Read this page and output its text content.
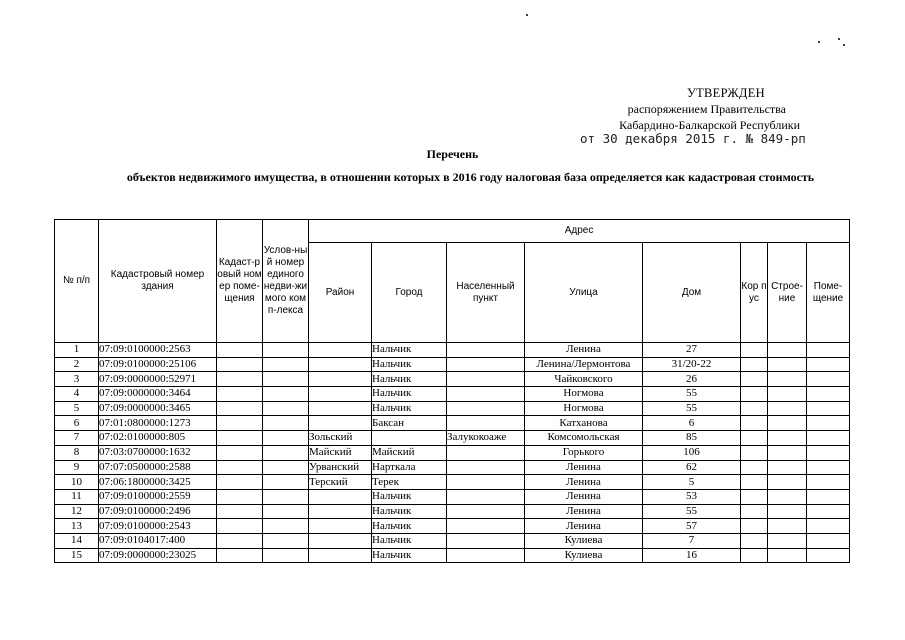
УТВЕРЖДЕН
распоряжением Правительства
Кабардино-Балкарской Республики
от 30 декабря 2015 г. № 849-рп
Перечень
объектов недвижимого имущества, в отношении которых в 2016 году налоговая база определяется как кадастровая стоимость
№ п/п	Кадастровый номер здания	Кадаст-ровый номер поме-щения	Услов-ный номер единого недви-жимого комп-лекса	Адрес							
				Район	Город	Населенный пункт	Улица	Дом	Кор пус	Строе-ние	Поме-щение
1	07:09:0100000:2563				Нальчик		Ленина	27			
2	07:09:0100000:25106				Нальчик		Ленина/Лермонтова	31/20-22			
3	07:09:0000000:52971				Нальчик		Чайковского	26			
4	07:09:0000000:3464				Нальчик		Ногмова	55			
5	07:09:0000000:3465				Нальчик		Ногмова	55			
6	07:01:0800000:1273				Баксан		Катханова	6			
7	07:02:0100000:805			Зольский		Залукокоаже	Комсомольская	85			
8	07:03:0700000:1632			Майский	Майский		Горького	106			
9	07:07:0500000:2588			Урванский	Нарткала		Ленина	62			
10	07:06:1800000:3425			Терский	Терек		Ленина	5			
11	07:09:0100000:2559				Нальчик		Ленина	53			
12	07:09:0100000:2496				Нальчик		Ленина	55			
13	07:09:0100000:2543				Нальчик		Ленина	57			
14	07:09:0104017:400				Нальчик		Кулиева	7			
15	07:09:0000000:23025				Нальчик		Кулиева	16			
